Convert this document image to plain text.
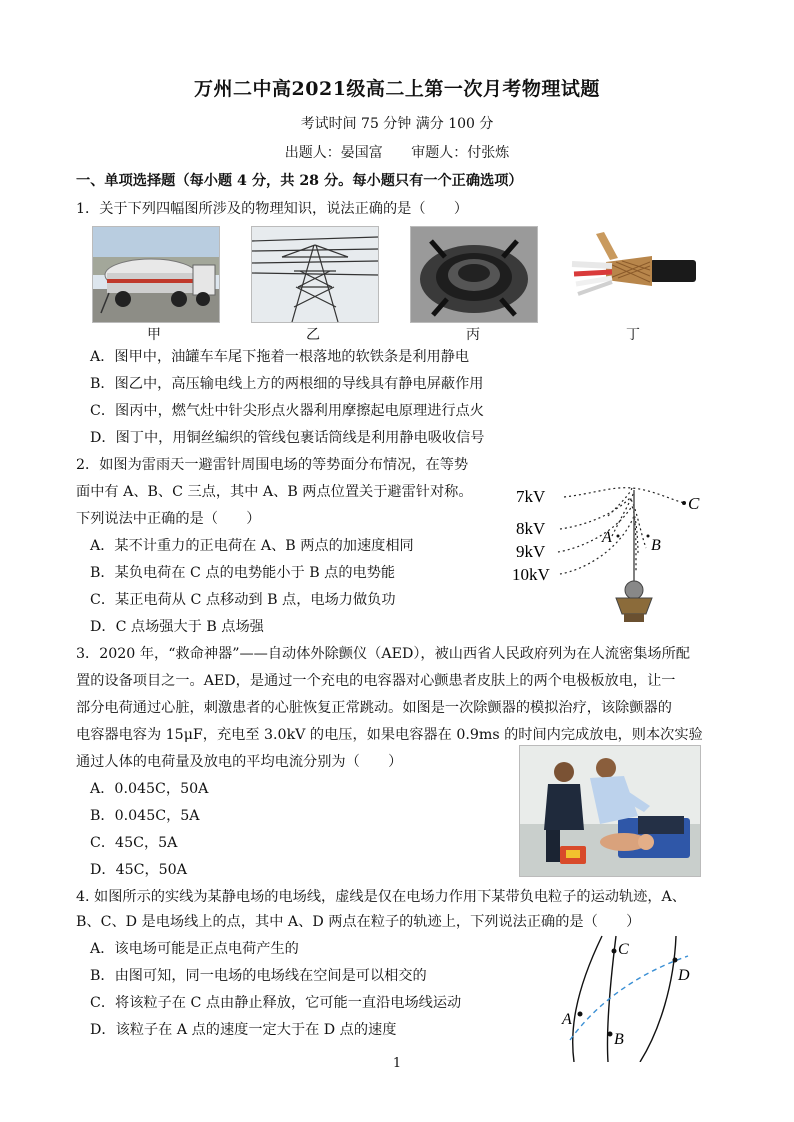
万州二中高2021级高二上第一次月考物理试题
考试时间 75 分钟 满分 100 分
出题人：晏国富 审题人：付张炼
一、单项选择题（每小题 4 分，共 28 分。每小题只有一个正确选项）
1．关于下列四幅图所涉及的物理知识，说法正确的是（　　）
甲	乙	丙	丁
A．图甲中，油罐车车尾下拖着一根落地的软铁条是利用静电
B．图乙中，高压输电线上方的两根细的导线具有静电屏蔽作用
C．图丙中，燃气灶中针尖形点火器利用摩擦起电原理进行点火
D．图丁中，用铜丝编织的管线包裹话筒线是利用静电吸收信号
2．如图为雷雨天一避雷针周围电场的等势面分布情况，在等势
面中有 A、B、C 三点，其中 A、B 两点位置关于避雷针对称。
下列说法中正确的是（　　）
A．某不计重力的正电荷在 A、B 两点的加速度相同
B．某负电荷在 C 点的电势能小于 B 点的电势能
C．某正电荷从 C 点移动到 B 点，电场力做负功
D．C 点场强大于 B 点场强
7kV
8kV
9kV
10kV
C
A B
3．2020 年，“救命神器”——自动体外除颤仪（AED），被山西省人民政府列为在人流密集场所配
置的设备项目之一。AED，是通过一个充电的电容器对心颤患者皮肤上的两个电极板放电，让一
部分电荷通过心脏，刺激患者的心脏恢复正常跳动。如图是一次除颤器的模拟治疗，该除颤器的
电容器电容为 15μF，充电至 3.0kV 的电压，如果电容器在 0.9ms 的时间内完成放电，则本次实验
通过人体的电荷量及放电的平均电流分别为（　　）
A．0.045C，50A
B．0.045C，5A
C．45C，5A
D．45C，50A
4. 如图所示的实线为某静电场的电场线，虚线是仅在电场力作用下某带负电粒子的运动轨迹，A、
B、C、D 是电场线上的点，其中 A、D 两点在粒子的轨迹上，下列说法正确的是（　　）
A．该电场可能是正点电荷产生的
B．由图可知，同一电场的电场线在空间是可以相交的
C．将该粒子在 C 点由静止释放，它可能一直沿电场线运动
D．该粒子在 A 点的速度一定大于在 D 点的速度
C
D
A
B
1
